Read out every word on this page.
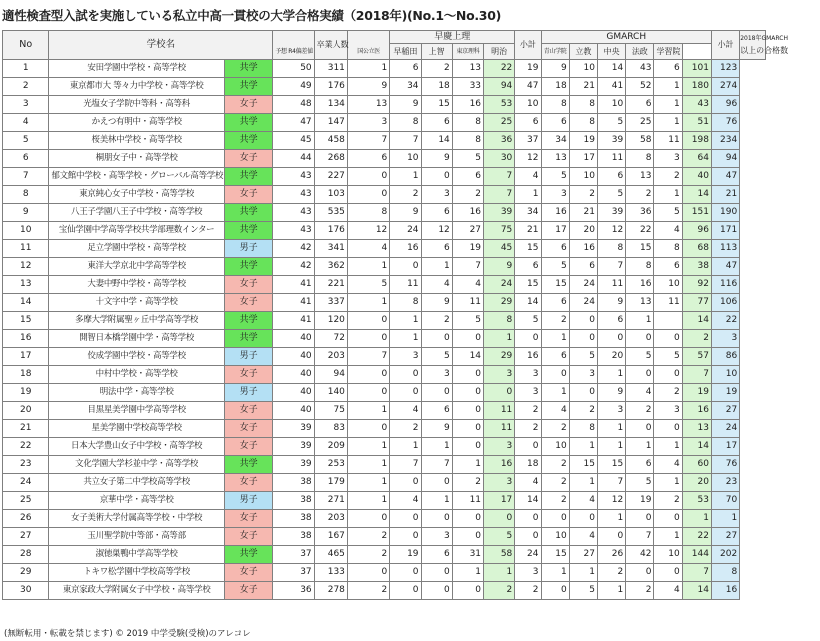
適性検査型入試を実施している私立中高一貫校の大学合格実績（2018年)(No.1～No.30)
No	学校名			卒業人数		早慶上理				小計	GMARCH						小計	2018年GMARCH
以上の合格数

			予想 R4偏差値		国公立医	早稲田	上智	東京理科	明治		青山学院	立教	中央	法政	学習院			
1	安田学園中学校・高等学校	共学	50	311	1	6	2	13	22	19	9	10	14	43	6	101	123	
2	東京都市大 等々力中学校・高等学校	共学	49	176	9	34	18	33	94	47	18	21	41	52	1	180	274	
3	光塩女子学院中等科・高等科	女子	48	134	13	9	15	16	53	10	8	8	10	6	1	43	96	
4	かえつ有明中・高等学校	共学	47	147	3	8	6	8	25	6	6	8	5	25	1	51	76	
5	桜美林中学校・高等学校	共学	45	458	7	7	14	8	36	37	34	19	39	58	11	198	234	
6	桐朋女子中・高等学校	女子	44	268	6	10	9	5	30	12	13	17	11	8	3	64	94	
7	郁文館中学校・高等学校・グローバル高等学校	共学	43	227	0	1	0	6	7	4	5	10	6	13	2	40	47	
8	東京純心女子中学校・高等学校	女子	43	103	0	2	3	2	7	1	3	2	5	2	1	14	21	
9	八王子学園八王子中学校・高等学校	共学	43	535	8	9	6	16	39	34	16	21	39	36	5	151	190	
10	宝仙学園中学高等学校共学部理数インター	共学	43	176	12	24	12	27	75	21	17	20	12	22	4	96	171	
11	足立学園中学校・高等学校	男子	42	341	4	16	6	19	45	15	6	16	8	15	8	68	113	
12	東洋大学京北中学高等学校	共学	42	362	1	0	1	7	9	6	5	6	7	8	6	38	47	
13	大妻中野中学校・高等学校	女子	41	221	5	11	4	4	24	15	15	24	11	16	10	92	116	
14	十文字中学・高等学校	女子	41	337	1	8	9	11	29	14	6	24	9	13	11	77	106	
15	多摩大学附属聖ヶ丘中学高等学校	共学	41	120	0	1	2	5	8	5	2	0	6	1		14	22	
16	開智日本橋学園中学・高等学校	共学	40	72	0	1	0	0	1	0	1	0	0	0	0	2	3	
17	佼成学園中学校・高等学校	男子	40	203	7	3	5	14	29	16	6	5	20	5	5	57	86	
18	中村中学校・高等学校	女子	40	94	0	0	3	0	3	3	0	3	1	0	0	7	10	
19	明法中学・高等学校	男子	40	140	0	0	0	0	0	3	1	0	9	4	2	19	19	
20	目黒星美学園中学高等学校	女子	40	75	1	4	6	0	11	2	4	2	3	2	3	16	27	
21	星美学園中学校高等学校	女子	39	83	0	2	9	0	11	2	2	8	1	0	0	13	24	
22	日本大学豊山女子中学校・高等学校	女子	39	209	1	1	1	0	3	0	10	1	1	1	1	14	17	
23	文化学園大学杉並中学・高等学校	共学	39	253	1	7	7	1	16	18	2	15	15	6	4	60	76	
24	共立女子第二中学校高等学校	女子	38	179	1	0	0	2	3	4	2	1	7	5	1	20	23	
25	京華中学・高等学校	男子	38	271	1	4	1	11	17	14	2	4	12	19	2	53	70	
26	女子美術大学付属高等学校・中学校	女子	38	203	0	0	0	0	0	0	0	0	1	0	0	1	1	
27	玉川聖学院中等部・高等部	女子	38	167	2	0	3	0	5	0	10	4	0	7	1	22	27	
28	淑徳巣鴨中学高等学校	共学	37	465	2	19	6	31	58	24	15	27	26	42	10	144	202	
29	トキワ松学園中学校高等学校	女子	37	133	0	0	0	1	1	3	1	1	2	0	0	7	8	
30	東京家政大学附属女子中学校・高等学校	女子	36	278	2	0	0	0	2	2	0	5	1	2	4	14	16	
(無断転用・転載を禁じます) © 2019 中学受験(受検)のアレコレ
